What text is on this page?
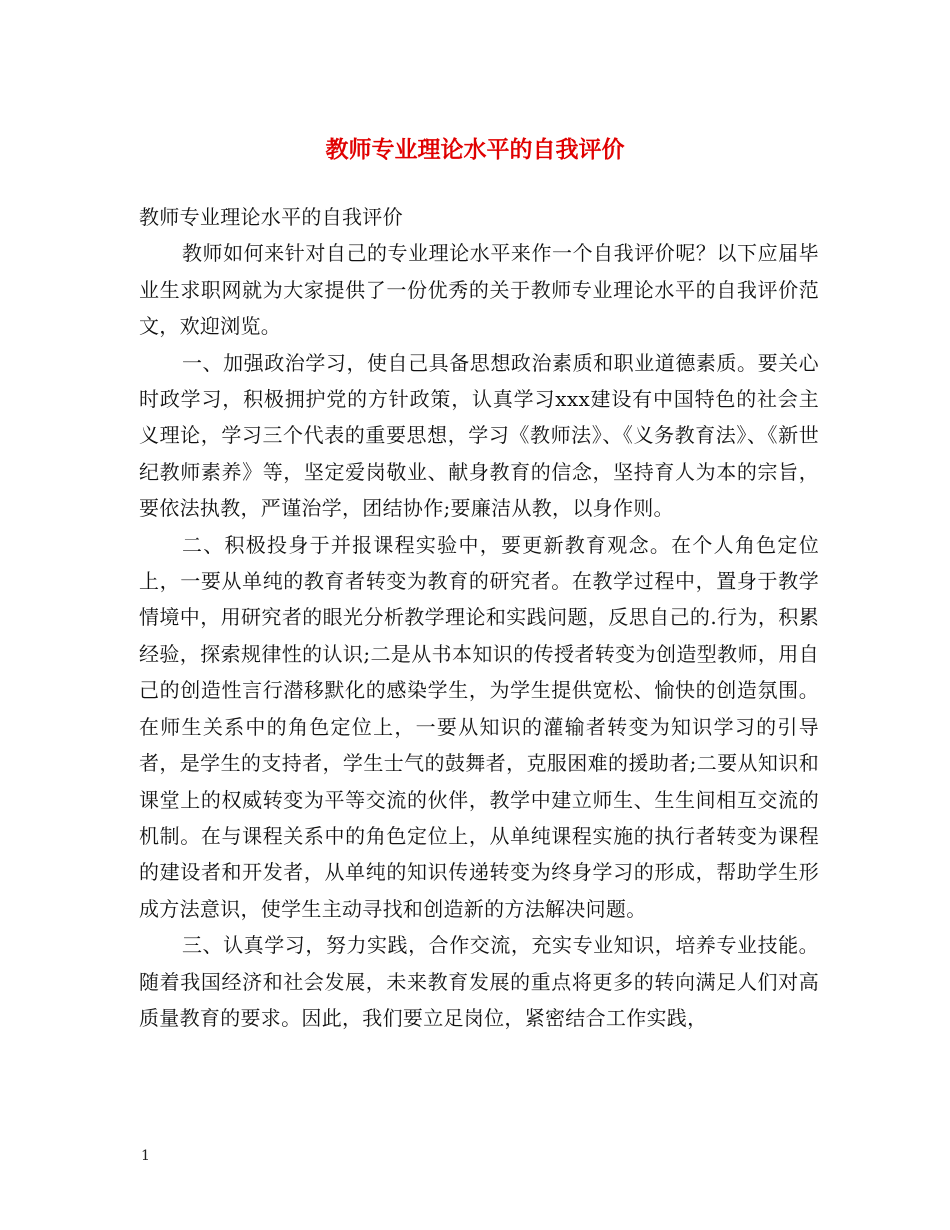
教师专业理论水平的自我评价

教师专业理论水平的自我评价

教师如何来针对自己的专业理论水平来作一个自我评价呢？以下应届毕业生求职网就为大家提供了一份优秀的关于教师专业理论水平的自我评价范文，欢迎浏览。

一、加强政治学习，使自己具备思想政治素质和职业道德素质。要关心时政学习，积极拥护党的方针政策，认真学习xxx建设有中国特色的社会主义理论，学习三个代表的重要思想，学习《教师法》、《义务教育法》、《新世纪教师素养》等，坚定爱岗敬业、献身教育的信念，坚持育人为本的宗旨，要依法执教，严谨治学，团结协作;要廉洁从教，以身作则。

二、积极投身于并报课程实验中，要更新教育观念。在个人角色定位上，一要从单纯的教育者转变为教育的研究者。在教学过程中，置身于教学情境中，用研究者的眼光分析教学理论和实践问题，反思自己的.行为，积累经验，探索规律性的认识;二是从书本知识的传授者转变为创造型教师，用自己的创造性言行潜移默化的感染学生，为学生提供宽松、愉快的创造氛围。在师生关系中的角色定位上，一要从知识的灌输者转变为知识学习的引导者，是学生的支持者，学生士气的鼓舞者，克服困难的援助者;二要从知识和课堂上的权威转变为平等交流的伙伴，教学中建立师生、生生间相互交流的机制。在与课程关系中的角色定位上，从单纯课程实施的执行者转变为课程的建设者和开发者，从单纯的知识传递转变为终身学习的形成，帮助学生形成方法意识，使学生主动寻找和创造新的方法解决问题。

三、认真学习，努力实践，合作交流，充实专业知识，培养专业技能。随着我国经济和社会发展，未来教育发展的重点将更多的转向满足人们对高质量教育的要求。因此，我们要立足岗位，紧密结合工作实践，

1
